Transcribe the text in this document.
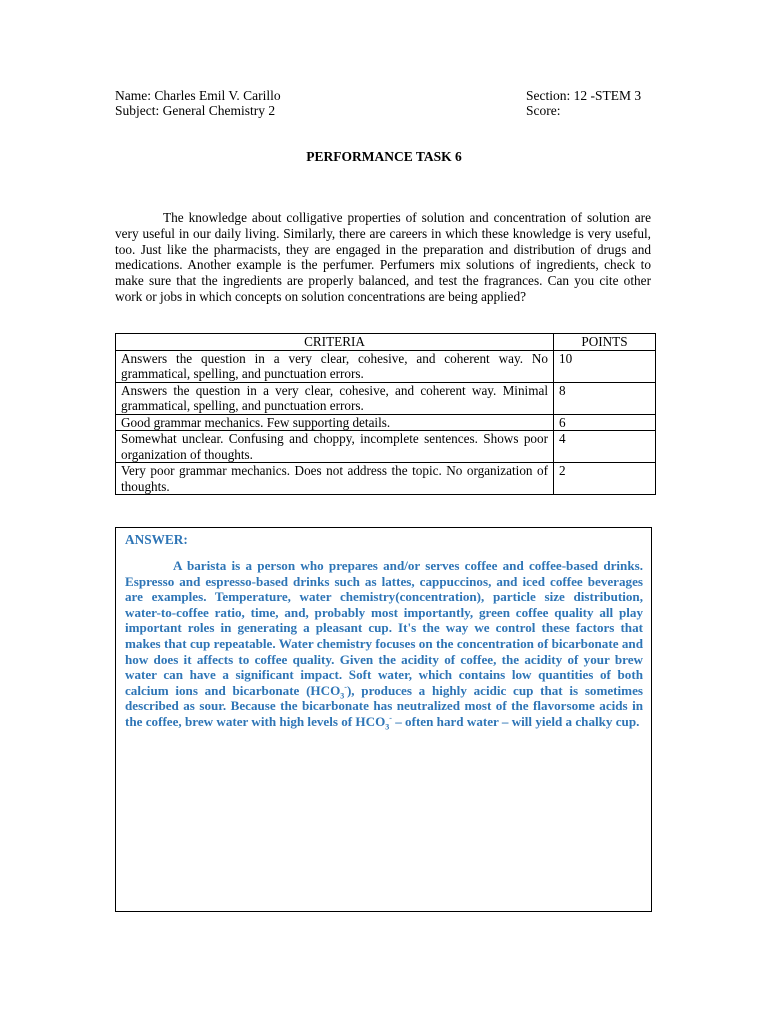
Name: Charles Emil V. Carillo
Subject: General Chemistry 2
Section: 12 -STEM 3
Score:
PERFORMANCE TASK 6

The knowledge about colligative properties of solution and concentration of solution are very useful in our daily living. Similarly, there are careers in which these knowledge is very useful, too. Just like the pharmacists, they are engaged in the preparation and distribution of drugs and medications. Another example is the perfumer. Perfumers mix solutions of ingredients, check to make sure that the ingredients are properly balanced, and test the fragrances. Can you cite other work or jobs in which concepts on solution concentrations are being applied?

CRITERIA	POINTS
Answers the question in a very clear, cohesive, and coherent way. No grammatical, spelling, and punctuation errors.	10
Answers the question in a very clear, cohesive, and coherent way. Minimal grammatical, spelling, and punctuation errors.	8
Good grammar mechanics. Few supporting details.	6
Somewhat unclear. Confusing and choppy, incomplete sentences. Shows poor organization of thoughts.	4
Very poor grammar mechanics. Does not address the topic. No organization of thoughts.	2
ANSWER:

A barista is a person who prepares and/or serves coffee and coffee-based drinks. Espresso and espresso-based drinks such as lattes, cappuccinos, and iced coffee beverages are examples. Temperature, water chemistry(concentration), particle size distribution, water-to-coffee ratio, time, and, probably most importantly, green coffee quality all play important roles in generating a pleasant cup. It's the way we control these factors that makes that cup repeatable. Water chemistry focuses on the concentration of bicarbonate and how does it affects to coffee quality. Given the acidity of coffee, the acidity of your brew water can have a significant impact. Soft water, which contains low quantities of both calcium ions and bicarbonate $(HCO_3^-)$, produces a highly acidic cup that is sometimes described as sour. Because the bicarbonate has neutralized most of the flavorsome acids in the coffee, brew water with high levels of $HCO_3^-$ – often hard water – will yield a chalky cup.
